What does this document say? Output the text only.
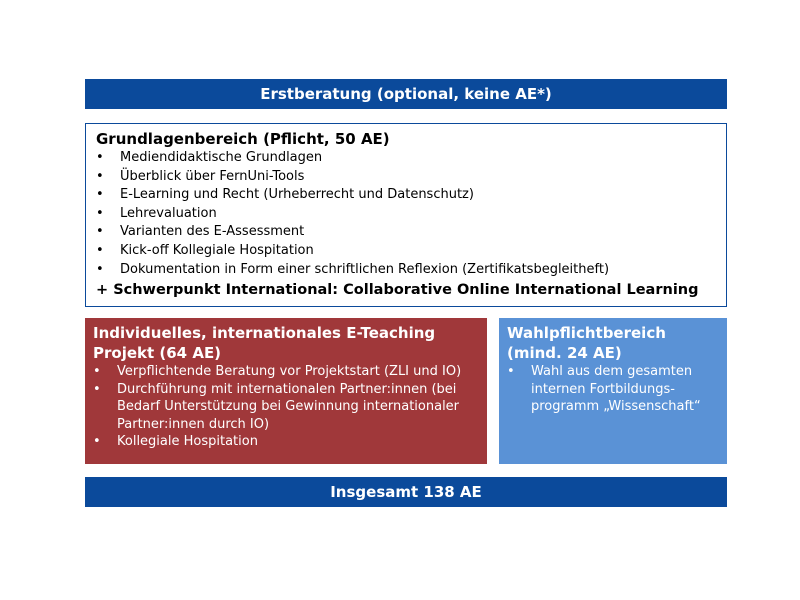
Erstberatung (optional, keine AE*)
Grundlagenbereich (Pflicht, 50 AE)
• Mediendidaktische Grundlagen
• Überblick über FernUni-Tools
• E-Learning und Recht (Urheberrecht und Datenschutz)
• Lehrevaluation
• Varianten des E-Assessment
• Kick-off Kollegiale Hospitation
• Dokumentation in Form einer schriftlichen Reflexion (Zertifikatsbegleitheft)
+ Schwerpunkt International: Collaborative Online International Learning
Individuelles, internationales E-Teaching Projekt (64 AE)
• Verpflichtende Beratung vor Projektstart (ZLI und IO)
• Durchführung mit internationalen Partner:innen (bei Bedarf Unterstützung bei Gewinnung internationaler Partner:innen durch IO)
• Kollegiale Hospitation
Wahlpflichtbereich (mind. 24 AE)
• Wahl aus dem gesamten internen Fortbildungs-programm „Wissenschaft“
Insgesamt 138 AE
